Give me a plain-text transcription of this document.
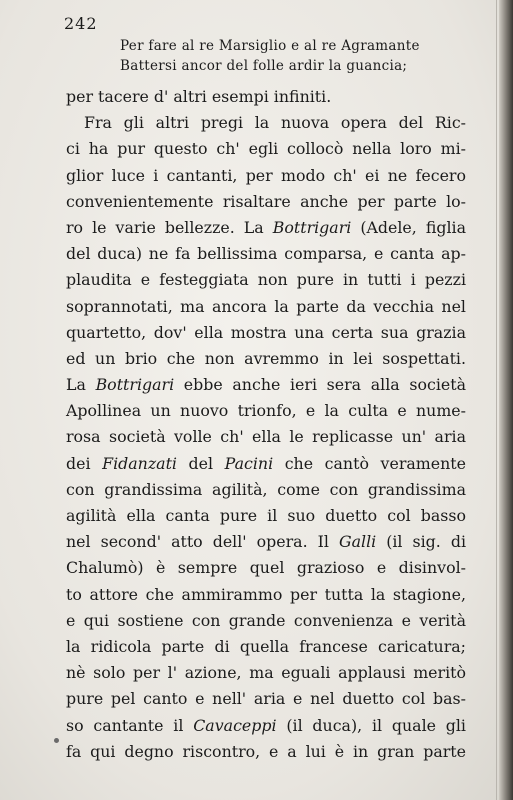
242
Per fare al re Marsiglio e al re Agramante
Battersi ancor del folle ardir la guancia;
per tacere d' altri esempi infiniti.
Fra gli altri pregi la nuova opera del Ric-
ci ha pur questo ch' egli collocò nella loro mi-
glior luce i cantanti, per modo ch' ei ne fecero
convenientemente risaltare anche per parte lo-
ro le varie bellezze. La Bottrigari (Adele, figlia
del duca) ne fa bellissima comparsa, e canta ap-
plaudita e festeggiata non pure in tutti i pezzi
soprannotati, ma ancora la parte da vecchia nel
quartetto, dov' ella mostra una certa sua grazia
ed un brio che non avremmo in lei sospettati.
La Bottrigari ebbe anche ieri sera alla società
Apollinea un nuovo trionfo, e la culta e nume-
rosa società volle ch' ella le replicasse un' aria
dei Fidanzati del Pacini che cantò veramente
con grandissima agilità, come con grandissima
agilità ella canta pure il suo duetto col basso
nel second' atto dell' opera. Il Galli (il sig. di
Chalumò) è sempre quel grazioso e disinvol-
to attore che ammirammo per tutta la stagione,
e qui sostiene con grande convenienza e verità
la ridicola parte di quella francese caricatura;
nè solo per l' azione, ma eguali applausi meritò
pure pel canto e nell' aria e nel duetto col bas-
so cantante il Cavaceppi (il duca), il quale gli
fa qui degno riscontro, e a lui è in gran parte
